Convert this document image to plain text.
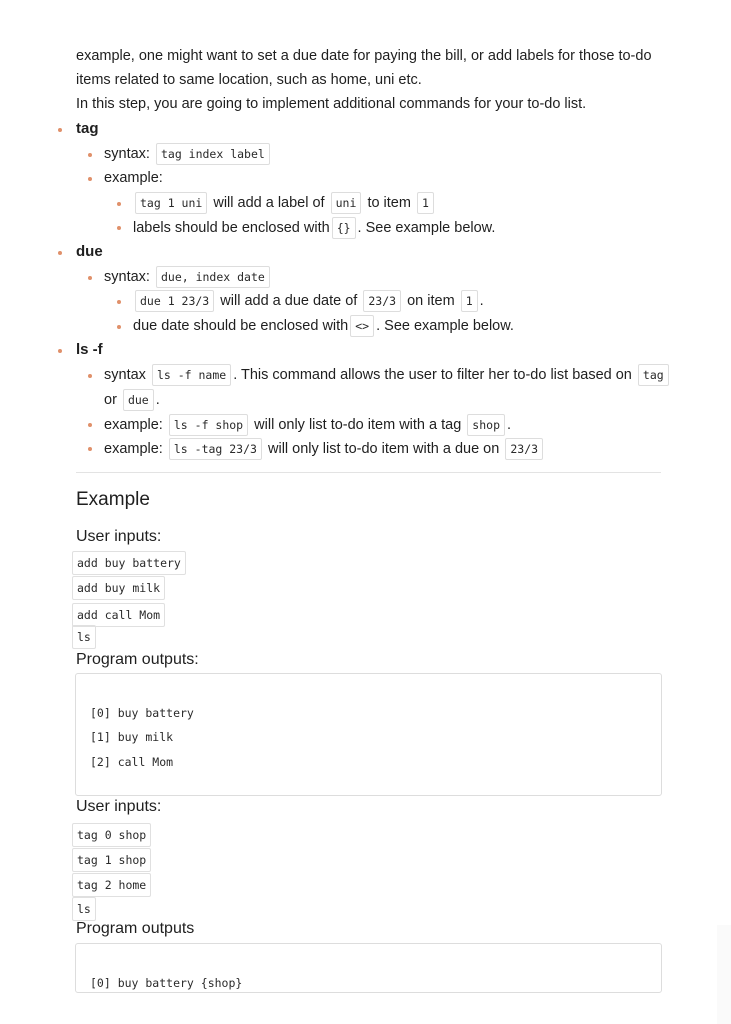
example, one might want to set a due date for paying the bill, or add labels for those to-do
items related to same location, such as home, uni etc.
In this step, you are going to implement additional commands for your to-do list.
tag
syntax: tag index label
example:
tag 1 uni will add a label of uni to item 1
labels should be enclosed with {} . See example below.
due
syntax: due, index date
due 1 23/3 will add a due date of 23/3 on item 1 .
due date should be enclosed with <> . See example below.
ls -f
syntax ls -f name . This command allows the user to filter her to-do list based on tag
or due .
example: ls -f shop will only list to-do item with a tag shop .
example: ls -tag 23/3 will only list to-do item with a due on 23/3
Example
User inputs:
add buy battery
add buy milk
add call Mom
ls
Program outputs:
[0] buy battery
[1] buy milk
[2] call Mom
User inputs:
tag 0 shop
tag 1 shop
tag 2 home
ls
Program outputs
[0] buy battery {shop}
